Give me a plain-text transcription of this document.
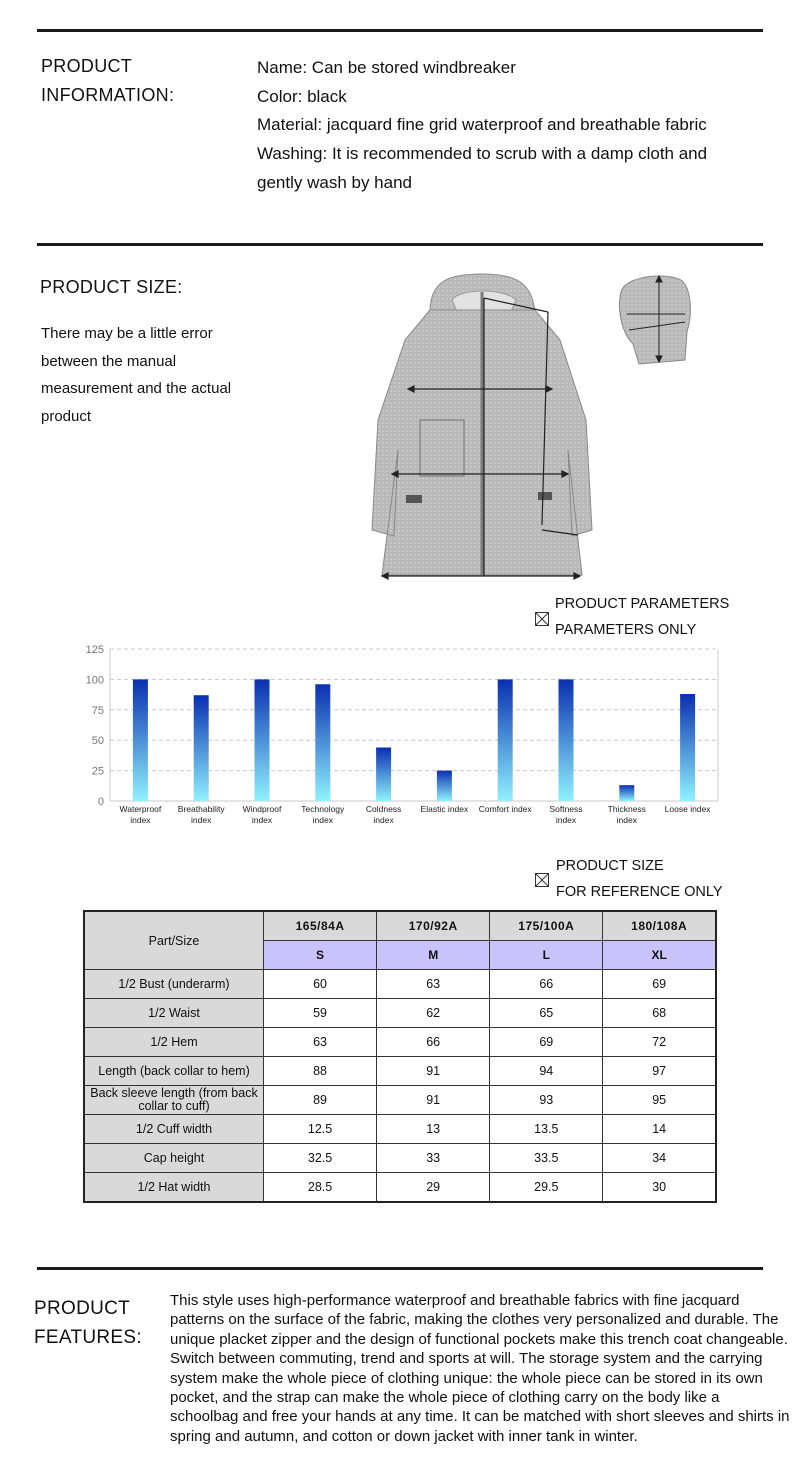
PRODUCT
INFORMATION:
Name: Can be stored windbreaker
Color: black
Material: jacquard fine grid waterproof and breathable fabric
Washing: It is recommended to scrub with a damp cloth and
gently wash by hand
PRODUCT SIZE:
There may be a little error between the manual measurement and the actual product
PRODUCT PARAMETERS
PARAMETERS ONLY
0
25
50
75
100
125
Waterproof
index
Breathability
index
Windproof
index
Technology
index
Coldness
index
Elastic index Comfort index Softness
index
Thickness
index
Loose index
PRODUCT SIZE
FOR REFERENCE ONLY
Part/Size	165/84A	170/92A	175/100A	180/108A
	S	M	L	XL
1/2 Bust (underarm)	60	63	66	69
1/2 Waist	59	62	65	68
1/2 Hem	63	66	69	72
Length (back collar to hem)	88	91	94	97
Back sleeve length (from back collar to cuff)	89	91	93	95
1/2 Cuff width	12.5	13	13.5	14
Cap height	32.5	33	33.5	34
1/2 Hat width	28.5	29	29.5	30
PRODUCT
FEATURES:
This style uses high-performance waterproof and breathable fabrics with fine jacquard patterns on the surface of the fabric, making the clothes very personalized and durable. The unique placket zipper and the design of functional pockets make this trench coat changeable. Switch between commuting, trend and sports at will. The storage system and the carrying system make the whole piece of clothing unique: the whole piece can be stored in its own pocket, and the strap can make the whole piece of clothing carry on the body like a schoolbag and free your hands at any time. It can be matched with short sleeves and shirts in spring and autumn, and cotton or down jacket with inner tank in winter.
